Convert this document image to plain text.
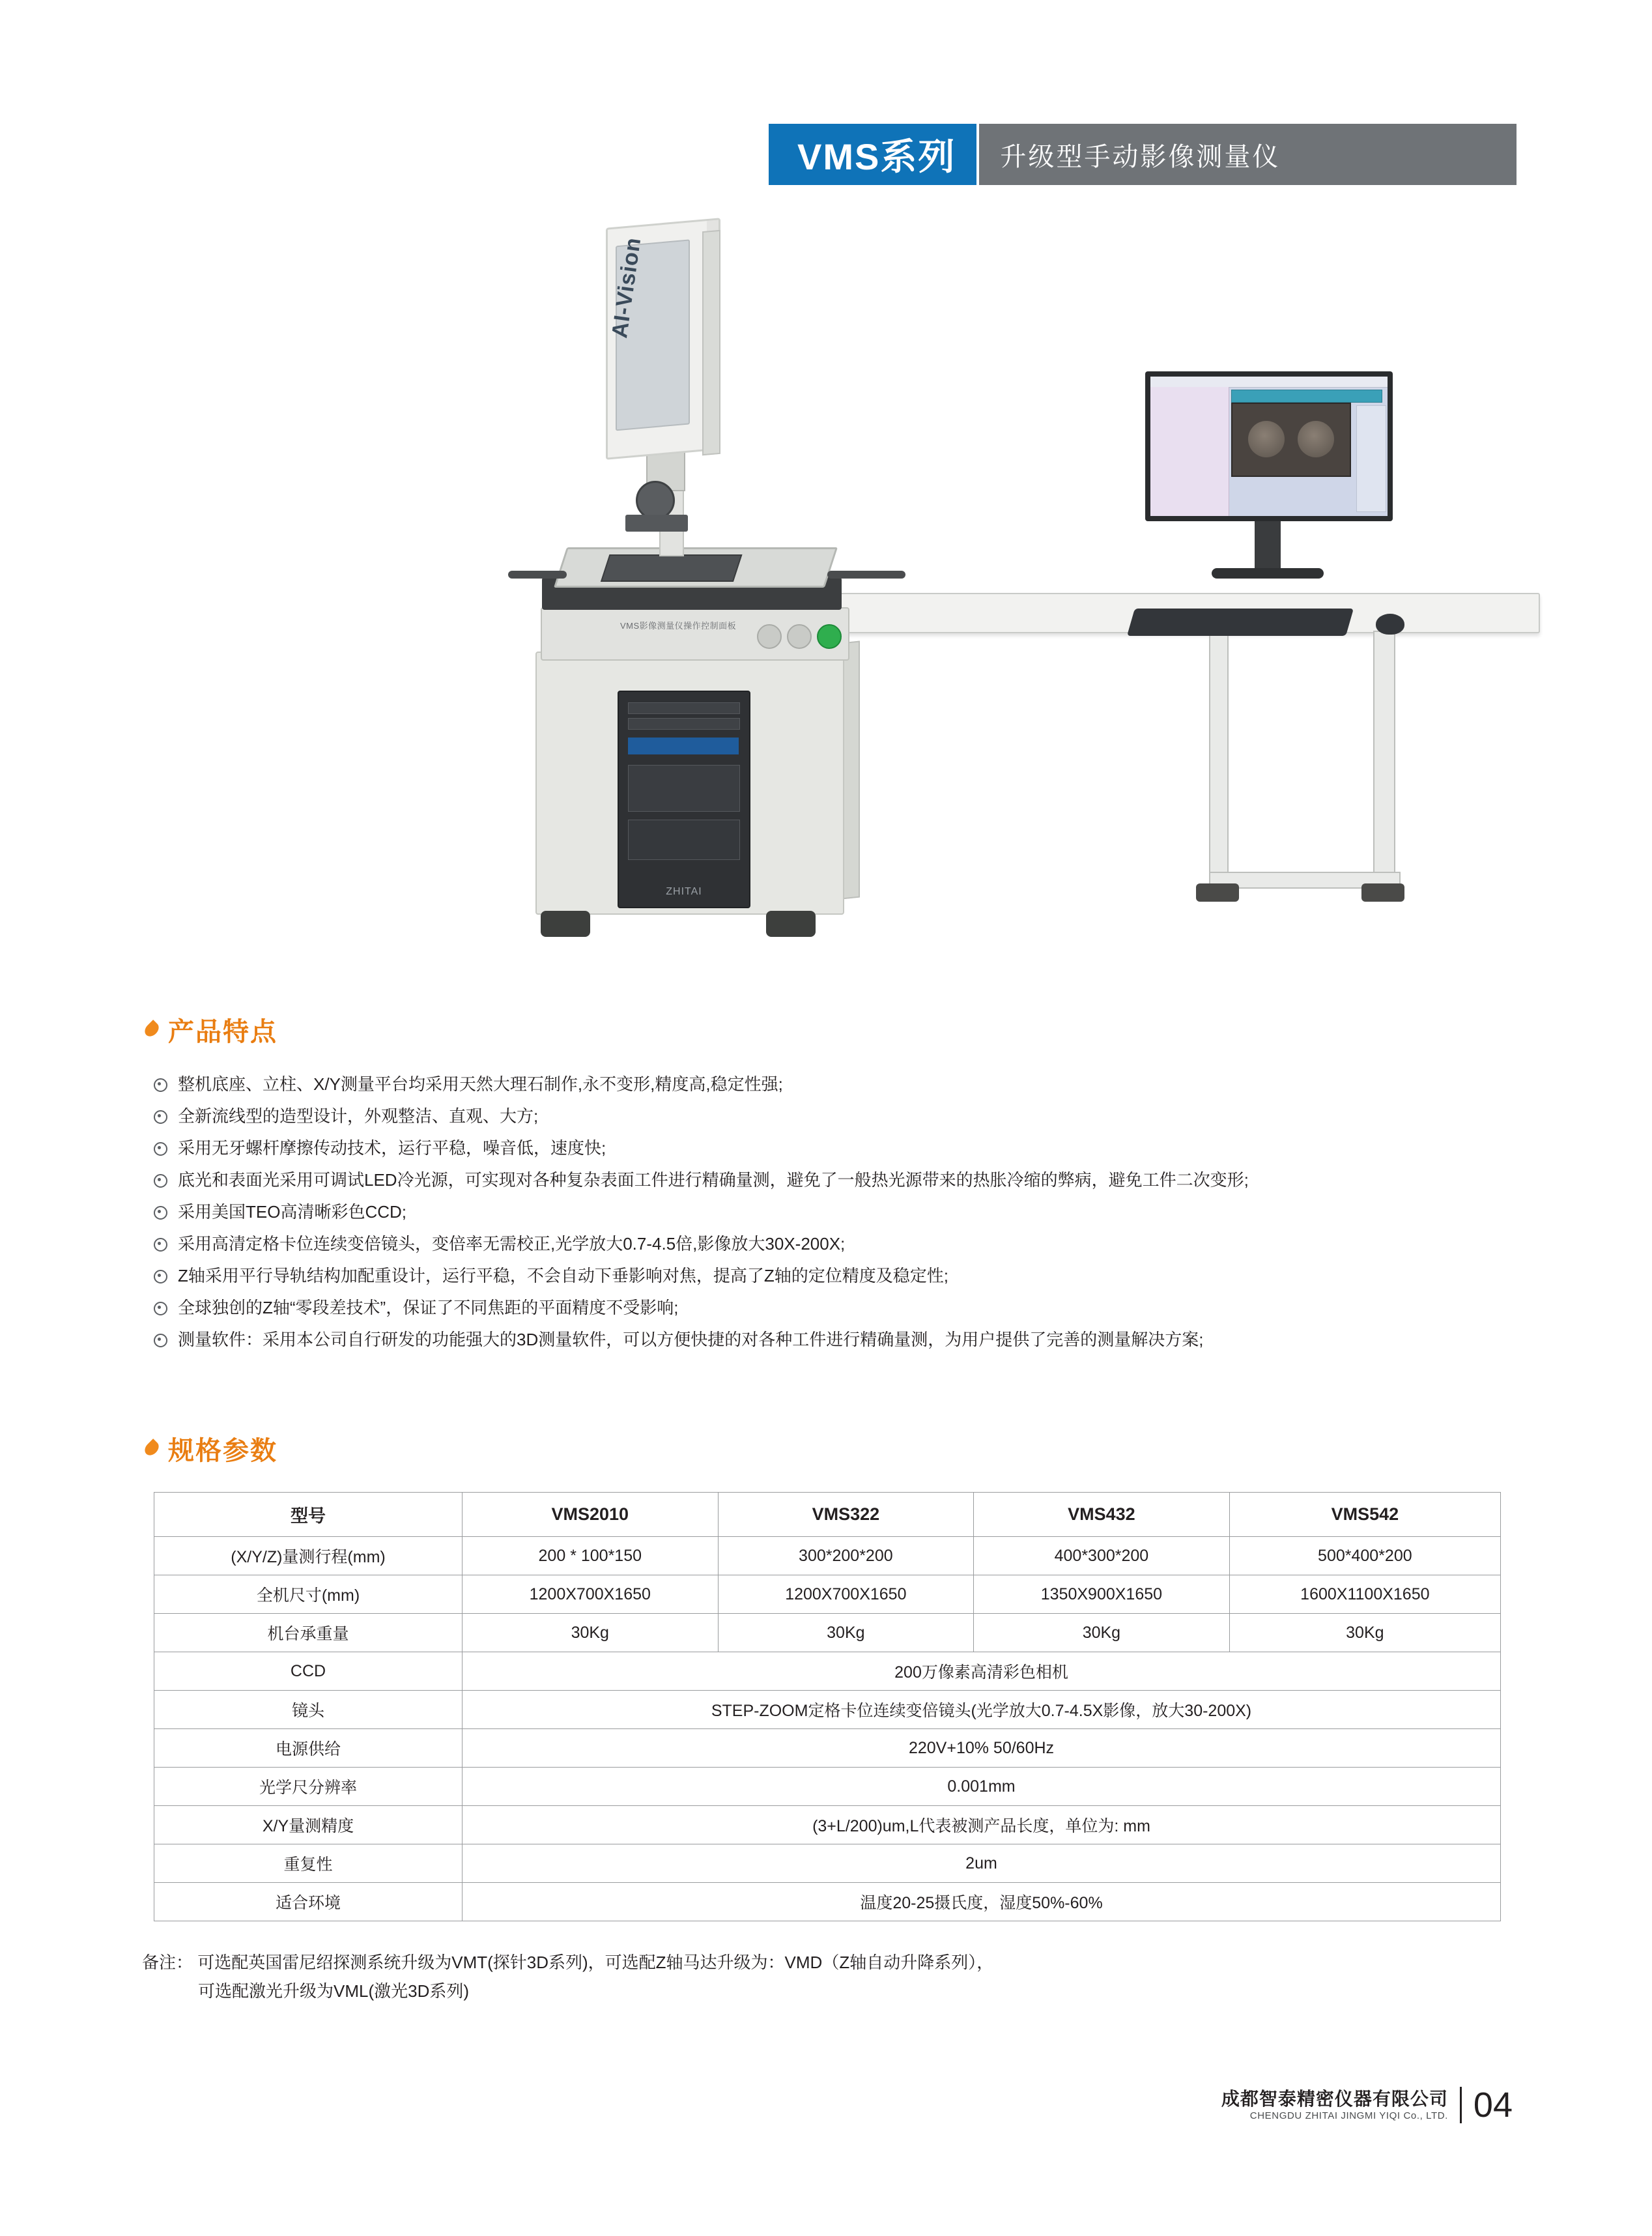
VMS系列	升级型手动影像测量仪
ZHITAI
VMS影像测量仪操作控制面板
AI-Vision
产品特点
整机底座、立柱、X/Y测量平台均采用天然大理石制作,永不变形,精度高,稳定性强;
全新流线型的造型设计，外观整洁、直观、大方;
采用无牙螺杆摩擦传动技术，运行平稳，噪音低，速度快;
底光和表面光采用可调试LED冷光源，可实现对各种复杂表面工件进行精确量测，避免了一般热光源带来的热胀冷缩的弊病，避免工件二次变形;
采用美国TEO高清晰彩色CCD;
采用高清定格卡位连续变倍镜头，变倍率无需校正,光学放大0.7-4.5倍,影像放大30X-200X;
Z轴采用平行导轨结构加配重设计，运行平稳，不会自动下垂影响对焦，提高了Z轴的定位精度及稳定性;
全球独创的Z轴“零段差技术”，保证了不同焦距的平面精度不受影响;
测量软件：采用本公司自行研发的功能强大的3D测量软件，可以方便快捷的对各种工件进行精确量测，为用户提供了完善的测量解决方案;
规格参数
型号	VMS2010	VMS322	VMS432	VMS542
(X/Y/Z)量测行程(mm)	200 * 100*150	300*200*200	400*300*200	500*400*200
全机尺寸(mm)	1200X700X1650	1200X700X1650	1350X900X1650	1600X1100X1650
机台承重量	30Kg	30Kg	30Kg	30Kg
CCD	200万像素高清彩色相机			
镜头	STEP-ZOOM定格卡位连续变倍镜头(光学放大0.7-4.5X影像，放大30-200X)			
电源供给	220V+10% 50/60Hz			
光学尺分辨率	0.001mm			
X/Y量测精度	(3+L/200)um,L代表被测产品长度，单位为: mm			
重复性	2um			
适合环境	温度20-25摄氏度，湿度50%-60%			
备注： 可选配英国雷尼绍探测系统升级为VMT(探针3D系列)，可选配Z轴马达升级为：VMD（Z轴自动升降系列），
可选配激光升级为VML(激光3D系列)
成都智泰精密仪器有限公司
CHENGDU ZHITAI JINGMI YIQI Co., LTD. 04
